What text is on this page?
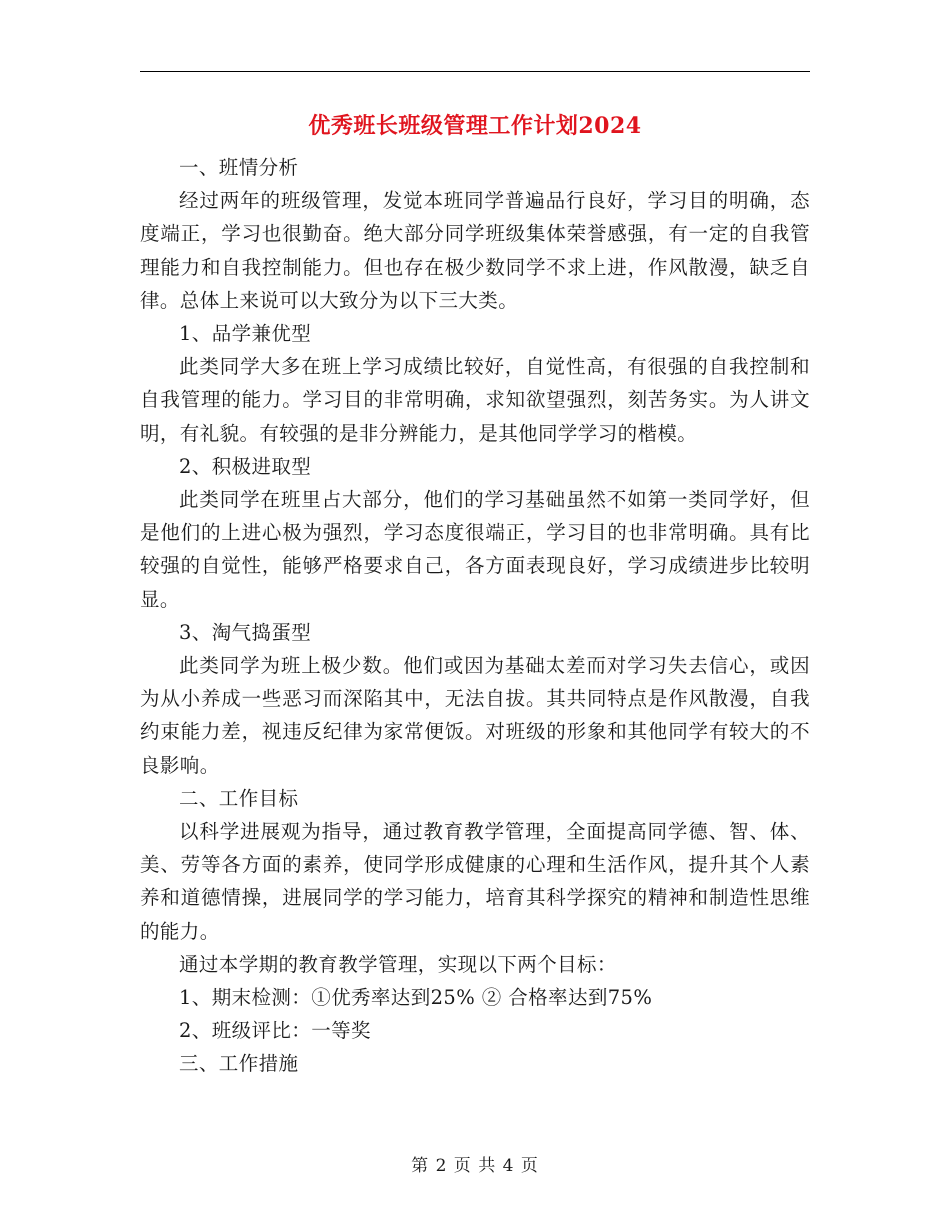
优秀班长班级管理工作计划2024

一、班情分析

经过两年的班级管理，发觉本班同学普遍品行良好，学习目的明确，态度端正，学习也很勤奋。绝大部分同学班级集体荣誉感强，有一定的自我管理能力和自我控制能力。但也存在极少数同学不求上进，作风散漫，缺乏自律。总体上来说可以大致分为以下三大类。

1、品学兼优型

此类同学大多在班上学习成绩比较好，自觉性高，有很强的自我控制和自我管理的能力。学习目的非常明确，求知欲望强烈，刻苦务实。为人讲文明，有礼貌。有较强的是非分辨能力，是其他同学学习的楷模。

2、积极进取型

此类同学在班里占大部分，他们的学习基础虽然不如第一类同学好，但是他们的上进心极为强烈，学习态度很端正，学习目的也非常明确。具有比较强的自觉性，能够严格要求自己，各方面表现良好，学习成绩进步比较明显。

3、淘气捣蛋型

此类同学为班上极少数。他们或因为基础太差而对学习失去信心，或因为从小养成一些恶习而深陷其中，无法自拔。其共同特点是作风散漫，自我约束能力差，视违反纪律为家常便饭。对班级的形象和其他同学有较大的不良影响。

二、工作目标

以科学进展观为指导，通过教育教学管理，全面提高同学德、智、体、美、劳等各方面的素养，使同学形成健康的心理和生活作风，提升其个人素养和道德情操，进展同学的学习能力，培育其科学探究的精神和制造性思维的能力。

通过本学期的教育教学管理，实现以下两个目标：

1、期末检测：①优秀率达到25% ② 合格率达到75%

2、班级评比：一等奖

三、工作措施

第 2 页 共 4 页
